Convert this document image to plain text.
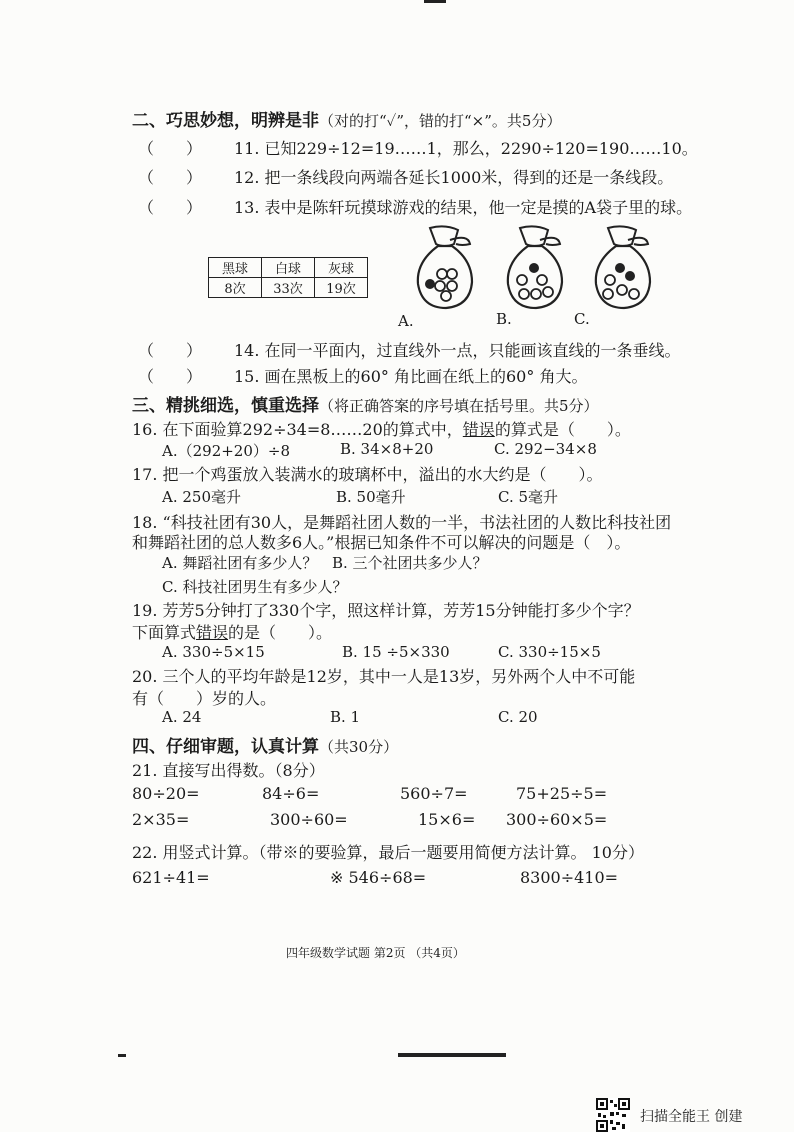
二、巧思妙想，明辨是非（对的打“✓”，错的打“×”。共5分）
（　　） 11. 已知229÷12=19……1，那么，2290÷120=190……10。
（　　） 12. 把一条线段向两端各延长1000米，得到的还是一条线段。
（　　） 13. 表中是陈轩玩摸球游戏的结果，他一定是摸的A袋子里的球。
黑球	白球	灰球
8次	33次	19次
A.	B.	C.
（　　） 14. 在同一平面内，过直线外一点，只能画该直线的一条垂线。
（　　） 15. 画在黑板上的60° 角比画在纸上的60° 角大。
三、精挑细选，慎重选择（将正确答案的序号填在括号里。共5分）
16. 在下面验算292÷34=8……20的算式中，错误的算式是（　　）。
A.（292+20）÷8	B. 34×8+20	C. 292−34×8
17. 把一个鸡蛋放入装满水的玻璃杯中，溢出的水大约是（　　）。
A. 250毫升	B. 50毫升	C. 5毫升
18. “科技社团有30人，是舞蹈社团人数的一半，书法社团的人数比科技社团
和舞蹈社团的总人数多6人。”根据已知条件不可以解决的问题是（　）。
A. 舞蹈社团有多少人？ B. 三个社团共多少人？
C. 科技社团男生有多少人？
19. 芳芳5分钟打了330个字，照这样计算，芳芳15分钟能打多少个字？
下面算式错误的是（　　）。
A. 330÷5×15	B. 15 ÷5×330	C. 330÷15×5
20. 三个人的平均年龄是12岁，其中一人是13岁，另外两个人中不可能
有（　　）岁的人。
A. 24	B. 1	C. 20
四、仔细审题，认真计算（共30分）
21. 直接写出得数。（8分）
80÷20=	84÷6=	560÷7=	75+25÷5=
2×35=	300÷60=	15×6= 300÷60×5=
22. 用竖式计算。（带※的要验算，最后一题要用简便方法计算。 10分）
621÷41=	※ 546÷68=	8300÷410=
四年级数学试题 第2页 （共4页）
扫描全能王 创建
